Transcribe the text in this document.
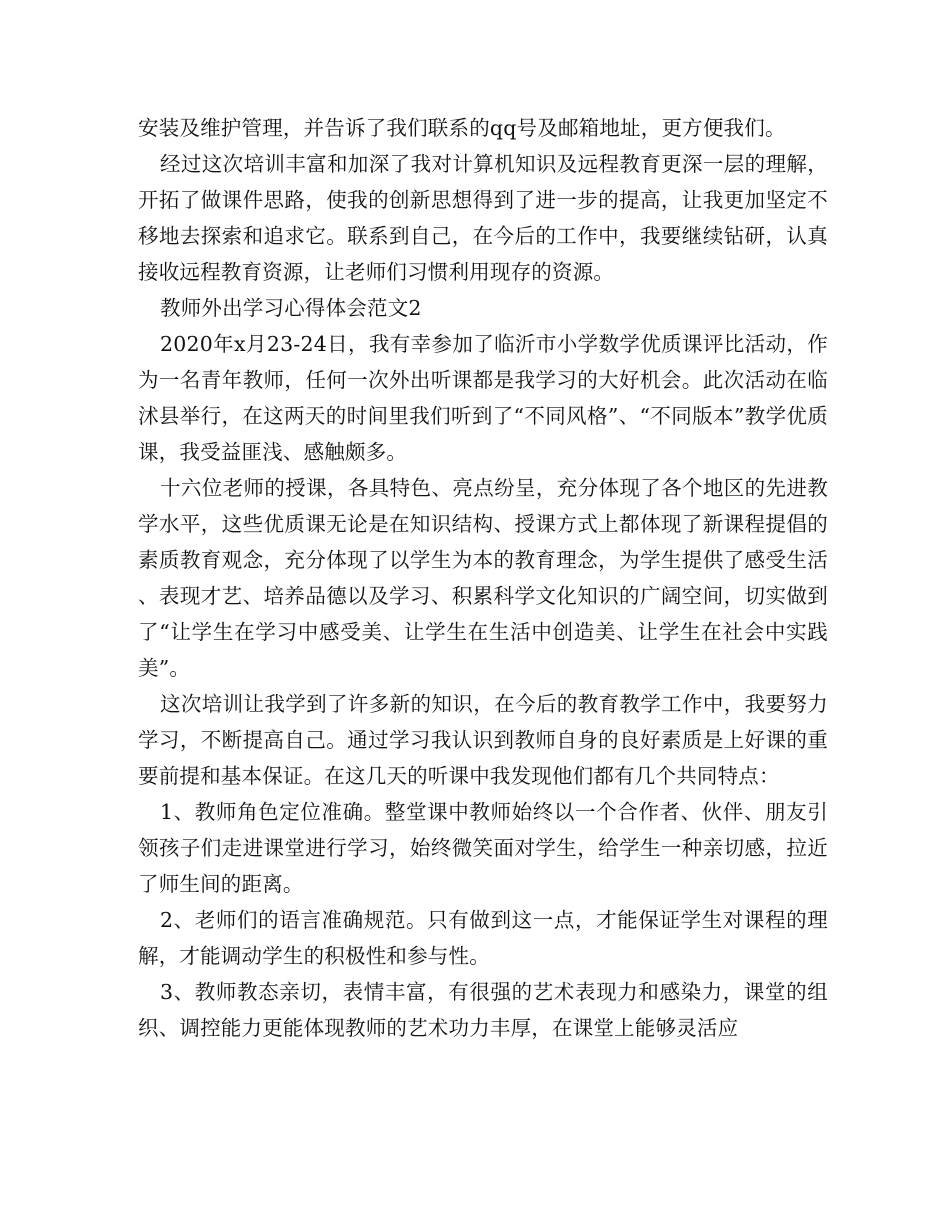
安装及维护管理，并告诉了我们联系的qq号及邮箱地址，更方便我们。

经过这次培训丰富和加深了我对计算机知识及远程教育更深一层的理解，开拓了做课件思路，使我的创新思想得到了进一步的提高，让我更加坚定不移地去探索和追求它。联系到自己，在今后的工作中，我要继续钻研，认真接收远程教育资源，让老师们习惯利用现存的资源。

教师外出学习心得体会范文2

2020年x月23-24日，我有幸参加了临沂市小学数学优质课评比活动，作为一名青年教师，任何一次外出听课都是我学习的大好机会。此次活动在临沭县举行，在这两天的时间里我们听到了“不同风格”、“不同版本”教学优质课，我受益匪浅、感触颇多。

十六位老师的授课，各具特色、亮点纷呈，充分体现了各个地区的先进教学水平，这些优质课无论是在知识结构、授课方式上都体现了新课程提倡的素质教育观念，充分体现了以学生为本的教育理念，为学生提供了感受生活、表现才艺、培养品德以及学习、积累科学文化知识的广阔空间，切实做到了“让学生在学习中感受美、让学生在生活中创造美、让学生在社会中实践美”。

这次培训让我学到了许多新的知识，在今后的教育教学工作中，我要努力学习，不断提高自己。通过学习我认识到教师自身的良好素质是上好课的重要前提和基本保证。在这几天的听课中我发现他们都有几个共同特点：

1、教师角色定位准确。整堂课中教师始终以一个合作者、伙伴、朋友引领孩子们走进课堂进行学习，始终微笑面对学生，给学生一种亲切感，拉近了师生间的距离。

2、老师们的语言准确规范。只有做到这一点，才能保证学生对课程的理解，才能调动学生的积极性和参与性。

3、教师教态亲切，表情丰富，有很强的艺术表现力和感染力，课堂的组织、调控能力更能体现教师的艺术功力丰厚，在课堂上能够灵活应
